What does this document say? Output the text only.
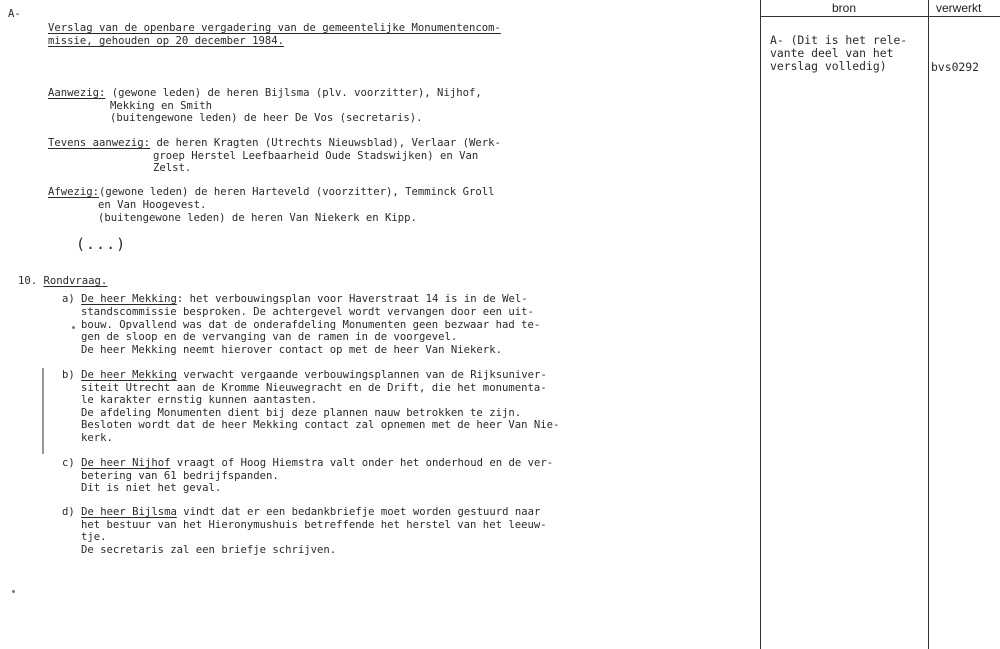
A-
Verslag van de openbare vergadering van de gemeentelijke Monumentencom-
missie, gehouden op 20 december 1984.
Aanwezig: (gewone leden) de heren Bijlsma (plv. voorzitter), Nijhof,
Mekking en Smith
(buitengewone leden) de heer De Vos (secretaris).
Tevens aanwezig: de heren Kragten (Utrechts Nieuwsblad), Verlaar (Werk-
groep Herstel Leefbaarheid Oude Stadswijken) en Van
Zelst.
Afwezig:(gewone leden) de heren Harteveld (voorzitter), Temminck Groll
en Van Hoogevest.
(buitengewone leden) de heren Van Niekerk en Kipp.
(...)
10. Rondvraag.
a) De heer Mekking: het verbouwingsplan voor Haverstraat 14 is in de Wel-
standscommissie besproken. De achtergevel wordt vervangen door een uit-
bouw. Opvallend was dat de onderafdeling Monumenten geen bezwaar had te-
gen de sloop en de vervanging van de ramen in de voorgevel.
De heer Mekking neemt hierover contact op met de heer Van Niekerk.
b) De heer Mekking verwacht vergaande verbouwingsplannen van de Rijksuniver-
siteit Utrecht aan de Kromme Nieuwegracht en de Drift, die het monumenta-
le karakter ernstig kunnen aantasten.
De afdeling Monumenten dient bij deze plannen nauw betrokken te zijn.
Besloten wordt dat de heer Mekking contact zal opnemen met de heer Van Nie-
kerk.
c) De heer Nijhof vraagt of Hoog Hiemstra valt onder het onderhoud en de ver-
betering van 61 bedrijfspanden.
Dit is niet het geval.
d) De heer Bijlsma vindt dat er een bedankbriefje moet worden gestuurd naar
het bestuur van het Hieronymushuis betreffende het herstel van het leeuw-
tje.
De secretaris zal een briefje schrijven.
bron	verwerkt
A- (Dit is het rele-
vante deel van het
verslag volledig)	bvs0292
